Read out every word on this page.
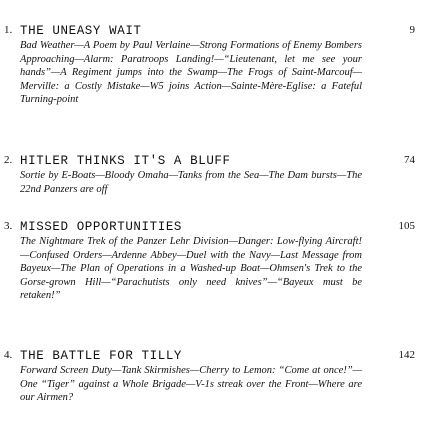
1. THE UNEASY WAIT	9
Bad Weather—A Poem by Paul Verlaine—Strong Formations of Enemy Bombers Approaching—Alarm: Paratroops Landing!—“Lieutenant, let me see your hands”—A Regiment jumps into the Swamp—The Frogs of Saint-Marcouf—Merville: a Costly Mistake—W5 joins Action—Sainte-Mère-Eglise: a Fateful Turning-point
2. HITLER THINKS IT'S A BLUFF	74
Sortie by E-Boats—Bloody Omaha—Tanks from the Sea—The Dam bursts—The 22nd Panzers are off
3. MISSED OPPORTUNITIES	105
The Nightmare Trek of the Panzer Lehr Division—Danger: Low-flying Aircraft!—Confused Orders—Ardenne Abbey—Duel with the Navy—Last Message from Bayeux—The Plan of Operations in a Washed-up Boat—Ohmsen's Trek to the Gorse-grown Hill—“Parachutists only need knives”—“Bayeux must be retaken!”
4. THE BATTLE FOR TILLY	142
Forward Screen Duty—Tank Skirmishes—Cherry to Lemon: “Come at once!”—One “Tiger” against a Whole Brigade—V-1s streak over the Front—Where are our Airmen?
